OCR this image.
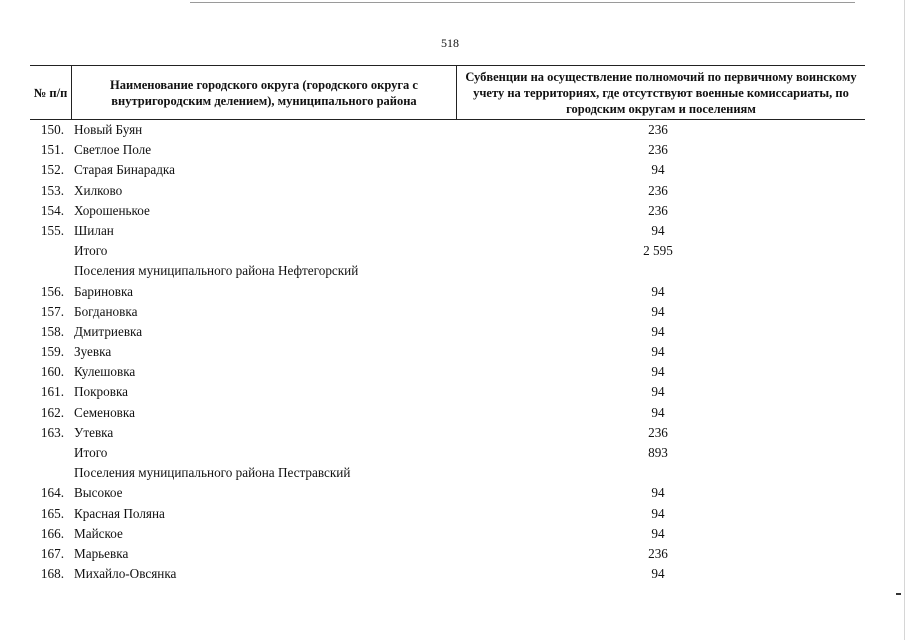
518
№ п/п
Наименование городского округа (городского округа с внутригородским делением), муниципального района
Субвенции на осуществление полномочий по первичному воинскому учету на территориях, где отсутствуют военные комиссариаты, по городским округам и поселениям
150. Новый Буян	236
151. Светлое Поле	236
152. Старая Бинарадка	94
153. Хилково	236
154. Хорошенькое	236
155. Шилан	94
Итого	2 595
Поселения муниципального района Нефтегорский
156. Бариновка	94
157. Богдановка	94
158. Дмитриевка	94
159. Зуевка	94
160. Кулешовка	94
161. Покровка	94
162. Семеновка	94
163. Утевка	236
Итого	893
Поселения муниципального района Пестравский
164. Высокое	94
165. Красная Поляна	94
166. Майское	94
167. Марьевка	236
168. Михайло-Овсянка	94
